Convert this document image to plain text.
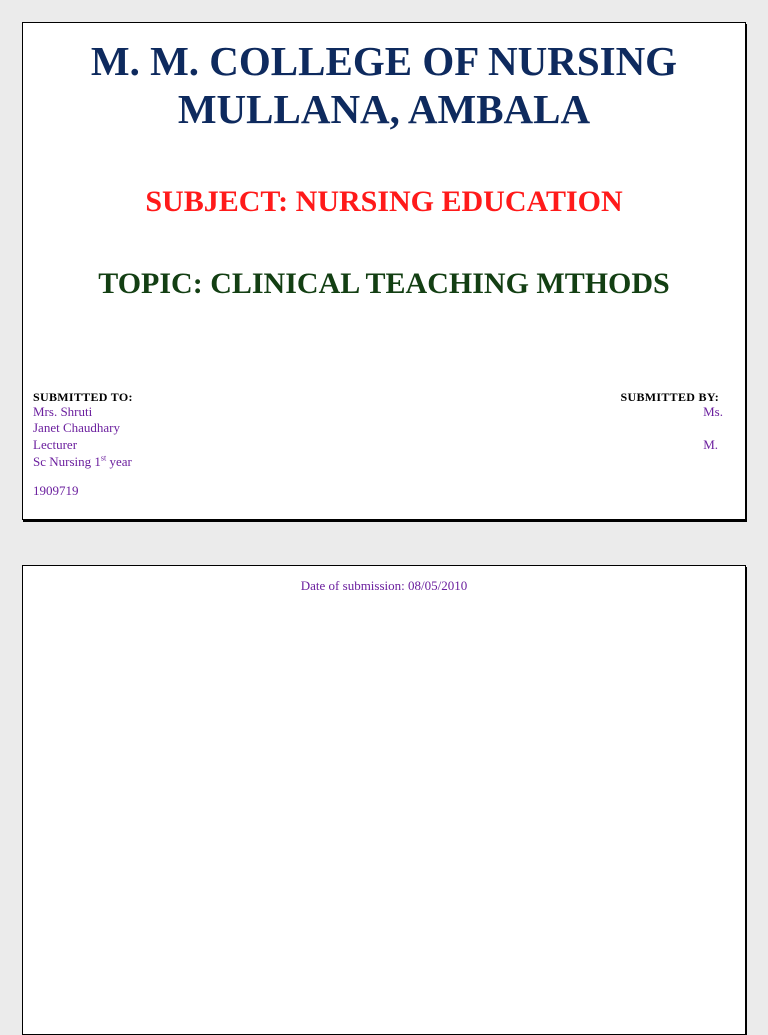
M. M. COLLEGE OF NURSING
MULLANA, AMBALA
SUBJECT: NURSING EDUCATION
TOPIC: CLINICAL TEACHING MTHODS
SUBMITTED TO:
Mrs. Shruti
Janet Chaudhary
Lecturer
Sc Nursing 1st year
1909719
SUBMITTED BY:
Ms.
M.
Date of submission: 08/05/2010
